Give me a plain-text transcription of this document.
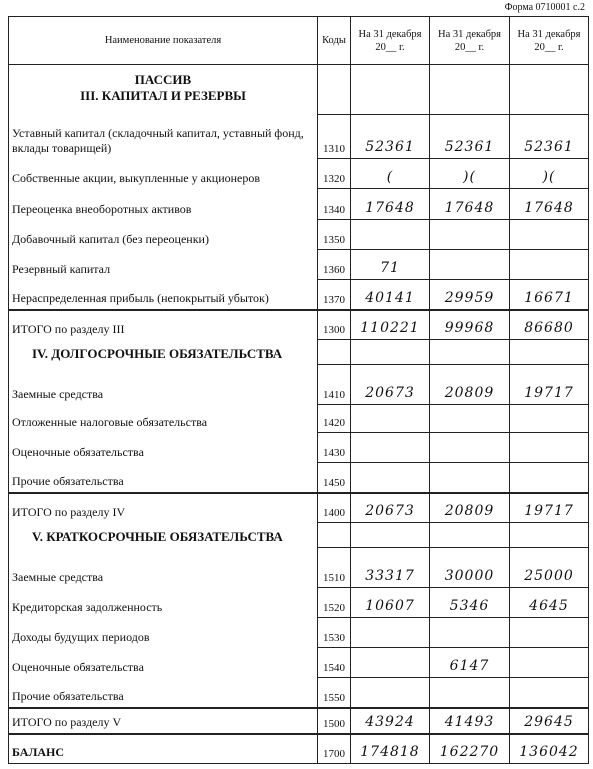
Форма 0710001 с.2
Наименование показателя	Коды	На 31 декабря 20__ г.	На 31 декабря 20__ г.	На 31 декабря 20__ г.

ПАССИВ
III. КАПИТАЛ И РЕЗЕРВЫ				

Уставный капитал (складочный капитал, уставный фонд, вклады товарищей)	1310	52361	52361	52361
Собственные акции, выкупленные у акционеров	1320	(	)(	)(
Переоценка внеоборотных активов	1340	17648	17648	17648
Добавочный капитал (без переоценки)	1350			
Резервный капитал	1360	71		
Нераспределенная прибыль (непокрытый убыток)	1370	40141	29959	16671
ИТОГО по разделу III	1300	110221	99968	86680
IV. ДОЛГОСРОЧНЫЕ ОБЯЗАТЕЛЬСТВА				
Заемные средства	1410	20673	20809	19717
Отложенные налоговые обязательства	1420			
Оценочные обязательства	1430			
Прочие обязательства	1450			
ИТОГО по разделу IV	1400	20673	20809	19717
V. КРАТКОСРОЧНЫЕ ОБЯЗАТЕЛЬСТВА				
Заемные средства	1510	33317	30000	25000
Кредиторская задолженность	1520	10607	5346	4645
Доходы будущих периодов	1530			
Оценочные обязательства	1540		6147	
Прочие обязательства	1550			
ИТОГО по разделу V	1500	43924	41493	29645
БАЛАНС	1700	174818	162270	136042
